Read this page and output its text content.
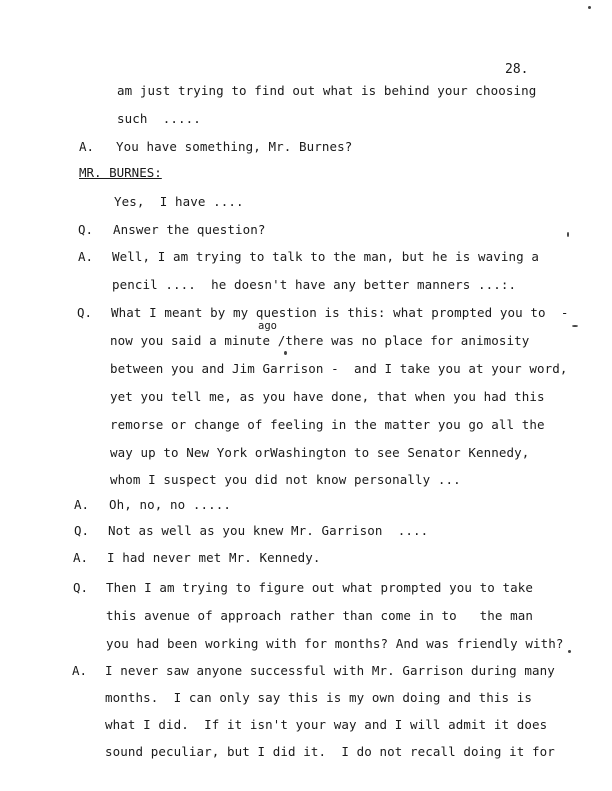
28.
am just trying to find out what is behind your choosing
such  .....
A. You have something, Mr. Burnes?
MR. BURNES:
Yes,  I have ....
Q. Answer the question?
A. Well, I am trying to talk to the man, but he is waving a
pencil ....  he doesn't have any better manners ...:.
Q. What I meant by my question is this: what prompted you to  -
ago
now you said a minute /there was no place for animosity
between you and Jim Garrison -  and I take you at your word,
yet you tell me, as you have done, that when you had this
remorse or change of feeling in the matter you go all the
way up to New York orWashington to see Senator Kennedy,
whom I suspect you did not know personally ...
A. Oh, no, no .....
Q. Not as well as you knew Mr. Garrison  ....
A. I had never met Mr. Kennedy.
Q. Then I am trying to figure out what prompted you to take
this avenue of approach rather than come in to   the man
you had been working with for months? And was friendly with?
A. I never saw anyone successful with Mr. Garrison during many
months.  I can only say this is my own doing and this is
what I did.  If it isn't your way and I will admit it does
sound peculiar, but I did it.  I do not recall doing it for
